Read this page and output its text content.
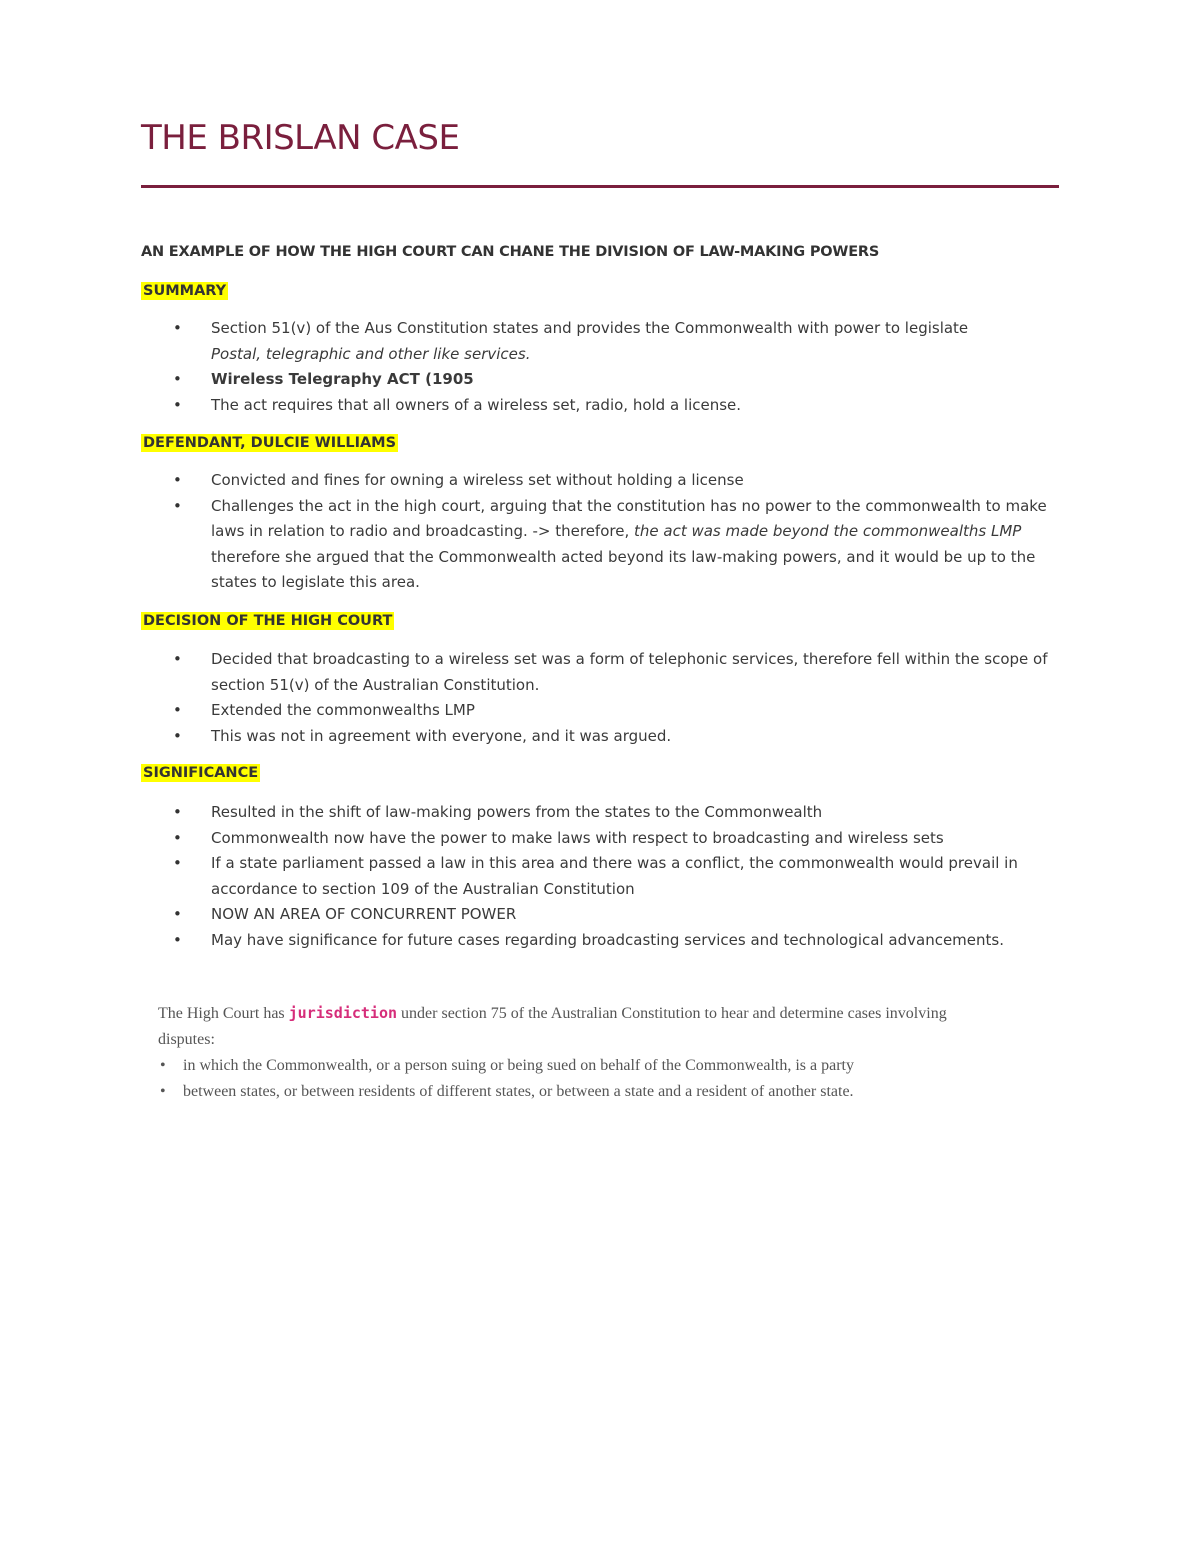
THE BRISLAN CASE

AN EXAMPLE OF HOW THE HIGH COURT CAN CHANE THE DIVISION OF LAW-MAKING POWERS

SUMMARY

• Section 51(v) of the Aus Constitution states and provides the Commonwealth with power to legislate
Postal, telegraphic and other like services.
• Wireless Telegraphy ACT (1905
• The act requires that all owners of a wireless set, radio, hold a license.

DEFENDANT, DULCIE WILLIAMS

• Convicted and fines for owning a wireless set without holding a license
• Challenges the act in the high court, arguing that the constitution has no power to the commonwealth to make laws in relation to radio and broadcasting. -> therefore, the act was made beyond the commonwealths LMP therefore she argued that the Commonwealth acted beyond its law-making powers, and it would be up to the states to legislate this area.

DECISION OF THE HIGH COURT

• Decided that broadcasting to a wireless set was a form of telephonic services, therefore fell within the scope of section 51(v) of the Australian Constitution.
• Extended the commonwealths LMP
• This was not in agreement with everyone, and it was argued.

SIGNIFICANCE

• Resulted in the shift of law-making powers from the states to the Commonwealth
• Commonwealth now have the power to make laws with respect to broadcasting and wireless sets
• If a state parliament passed a law in this area and there was a conflict, the commonwealth would prevail in accordance to section 109 of the Australian Constitution
• NOW AN AREA OF CONCURRENT POWER
• May have significance for future cases regarding broadcasting services and technological advancements.

The High Court has jurisdiction under section 75 of the Australian Constitution to hear and determine cases involving disputes:

• in which the Commonwealth, or a person suing or being sued on behalf of the Commonwealth, is a party
• between states, or between residents of different states, or between a state and a resident of another state.
